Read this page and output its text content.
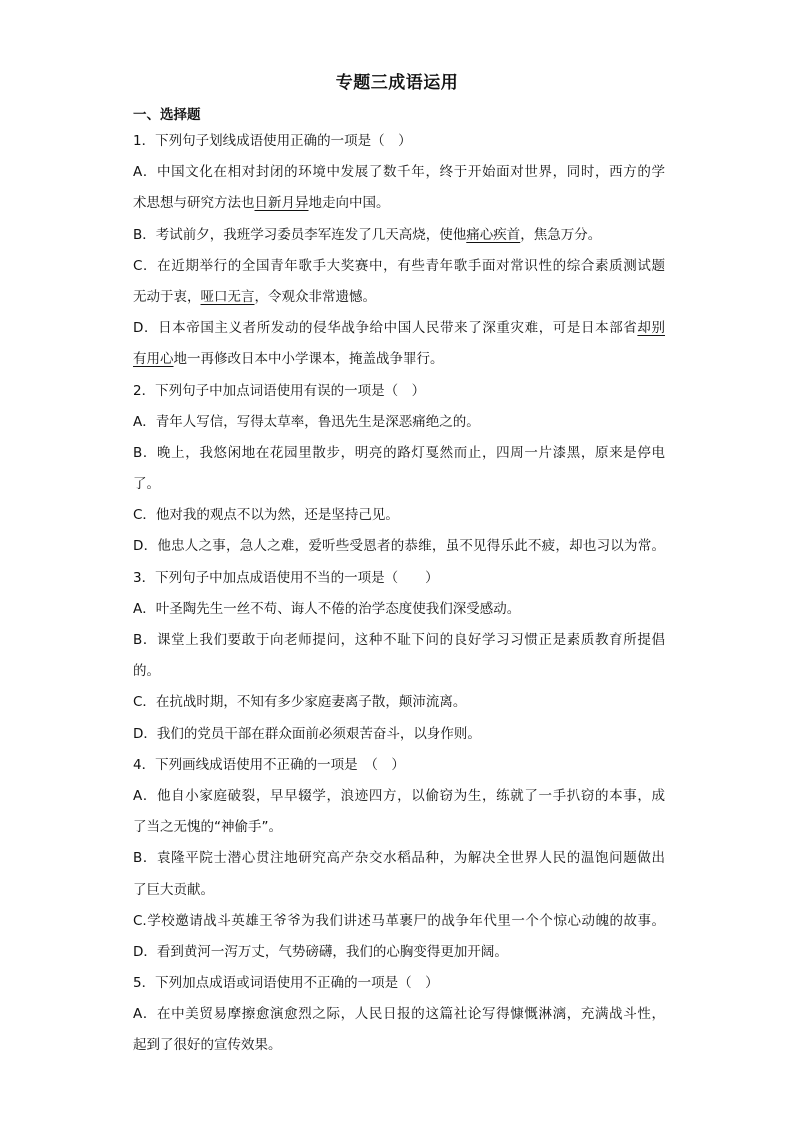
专题三成语运用
一、选择题
1．下列句子划线成语使用正确的一项是（　）
A．中国文化在相对封闭的环境中发展了数千年，终于开始面对世界，同时，西方的学
术思想与研究方法也日新月异地走向中国。
B．考试前夕，我班学习委员李军连发了几天高烧，使他痛心疾首，焦急万分。
C．在近期举行的全国青年歌手大奖赛中，有些青年歌手面对常识性的综合素质测试题
无动于衷，哑口无言，令观众非常遗憾。
D．日本帝国主义者所发动的侵华战争给中国人民带来了深重灾难，可是日本部省却别
有用心地一再修改日本中小学课本，掩盖战争罪行。
2．下列句子中加点词语使用有误的一项是（　）
A．青年人写信，写得太草率，鲁迅先生是深恶痛绝之的。
B．晚上，我悠闲地在花园里散步，明亮的路灯戛然而止，四周一片漆黑，原来是停电
了。
C．他对我的观点不以为然，还是坚持己见。
D．他忠人之事，急人之难，爱听些受恩者的恭维，虽不见得乐此不疲，却也习以为常。
3．下列句子中加点成语使用不当的一项是（　　）
A．叶圣陶先生一丝不苟、诲人不倦的治学态度使我们深受感动。
B．课堂上我们要敢于向老师提问，这种不耻下问的良好学习习惯正是素质教育所提倡
的。
C．在抗战时期，不知有多少家庭妻离子散，颠沛流离。
D．我们的党员干部在群众面前必须艰苦奋斗，以身作则。
4．下列画线成语使用不正确的一项是　（　）
A．他自小家庭破裂，早早辍学，浪迹四方，以偷窃为生，练就了一手扒窃的本事，成
了当之无愧的“神偷手”。
B．袁隆平院士潜心贯注地研究高产杂交水稻品种，为解决全世界人民的温饱问题做出
了巨大贡献。
C.学校邀请战斗英雄王爷爷为我们讲述马革裹尸的战争年代里一个个惊心动魄的故事。
D．看到黄河一泻万丈，气势磅礴，我们的心胸变得更加开阔。
5．下列加点成语或词语使用不正确的一项是（　）
A．在中美贸易摩擦愈演愈烈之际，人民日报的这篇社论写得慷慨淋漓，充满战斗性，
起到了很好的宣传效果。
